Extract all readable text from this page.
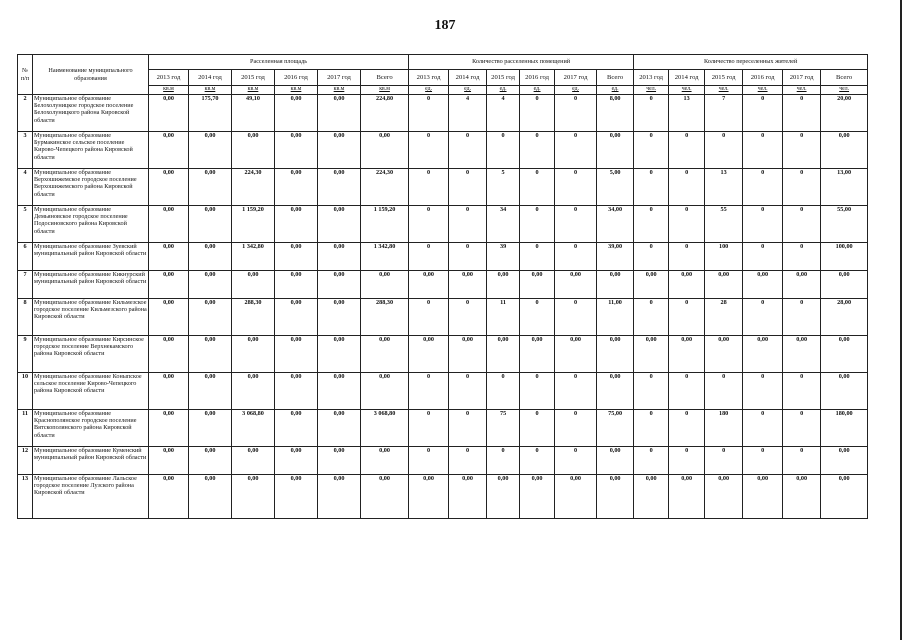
187
№ п/п	Наименование муниципального образования	Расселенная площадь						Количество расселенных помещений						Количество переселенных жителей					
		2013 год	2014 год	2015 год	2016 год	2017 год	Всего	2013 год	2014 год	2015 год	2016 год	2017 год	Всего	2013 год	2014 год	2015 год	2016 год	2017 год	Всего
		кв.м	кв.м	кв.м	кв.м	кв.м	кв.м	ед.	ед.	ед.	ед.	ед.	ед.	чел.	чел.	чел.	чел.	чел.	чел.
2	Муниципальное образование Белохолуницкое городское поселение Белохолуницкого района Кировской области	0,00	175,70	49,10	0,00	0,00	224,80	0	4	4	0	0	8,00	0	13	7	0	0	20,00
3	Муниципальное образование Бурмакинское сельское поселение Кирово-Чепецкого района Кировской области	0,00	0,00	0,00	0,00	0,00	0,00	0	0	0	0	0	0,00	0	0	0	0	0	0,00
4	Муниципальное образование Верхошижемское городское поселение Верхошижемского района Кировской области	0,00	0,00	224,30	0,00	0,00	224,30	0	0	5	0	0	5,00	0	0	13	0	0	13,00
5	Муниципальное образование Демьяновское городское поселение Подосиновского района Кировской области	0,00	0,00	1 159,20	0,00	0,00	1 159,20	0	0	34	0	0	34,00	0	0	55	0	0	55,00
6	Муниципальное образование Зуевский муниципальный район Кировской области	0,00	0,00	1 342,80	0,00	0,00	1 342,80	0	0	39	0	0	39,00	0	0	100	0	0	100,00
7	Муниципальное образование Кикнурский муниципальный район Кировской области	0,00	0,00	0,00	0,00	0,00	0,00	0,00	0,00	0,00	0,00	0,00	0,00	0,00	0,00	0,00	0,00	0,00	0,00
8	Муниципальное образование Кильмезское городское поселение Кильмезского района Кировской области	0,00	0,00	288,30	0,00	0,00	288,30	0	0	11	0	0	11,00	0	0	28	0	0	28,00
9	Муниципальное образование Кирсинское городское поселение Верхнекамского района Кировской области	0,00	0,00	0,00	0,00	0,00	0,00	0,00	0,00	0,00	0,00	0,00	0,00	0,00	0,00	0,00	0,00	0,00	0,00
10	Муниципальное образование Коныпское сельское поселение Кирово-Чепецкого района Кировской области	0,00	0,00	0,00	0,00	0,00	0,00	0	0	0	0	0	0,00	0	0	0	0	0	0,00
11	Муниципальное образование Краснополянское городское поселение Вятскополянского района Кировской области	0,00	0,00	3 068,80	0,00	0,00	3 068,80	0	0	75	0	0	75,00	0	0	180	0	0	180,00
12	Муниципальное образование Куменский муниципальный район Кировской области	0,00	0,00	0,00	0,00	0,00	0,00	0	0	0	0	0	0,00	0	0	0	0	0	0,00
13	Муниципальное образование Лальское городское поселение Лузского района Кировской области	0,00	0,00	0,00	0,00	0,00	0,00	0,00	0,00	0,00	0,00	0,00	0,00	0,00	0,00	0,00	0,00	0,00	0,00
